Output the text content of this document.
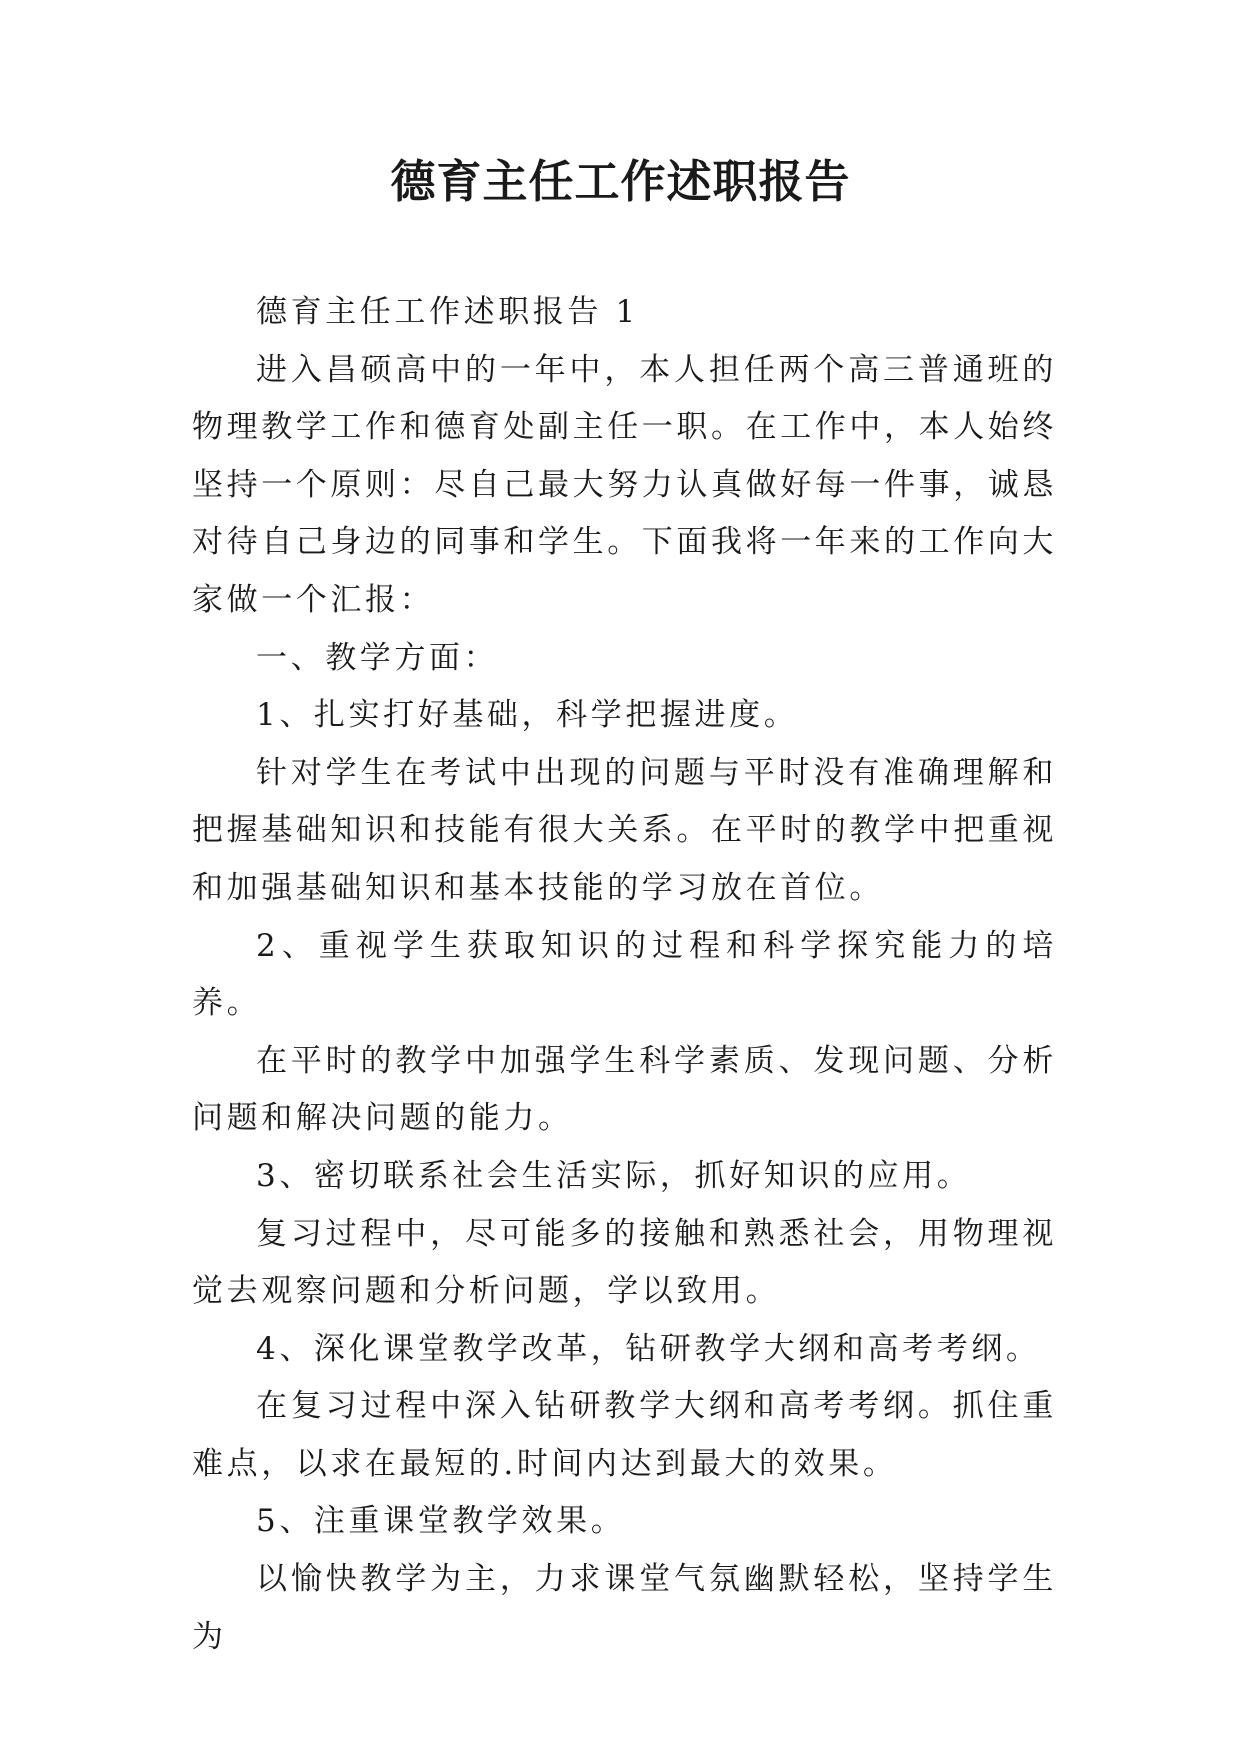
德育主任工作述职报告

德育主任工作述职报告 1

进入昌硕高中的一年中，本人担任两个高三普通班的物理教学工作和德育处副主任一职。在工作中，本人始终坚持一个原则：尽自己最大努力认真做好每一件事，诚恳对待自己身边的同事和学生。下面我将一年来的工作向大家做一个汇报：

一、教学方面：

1、扎实打好基础，科学把握进度。

针对学生在考试中出现的问题与平时没有准确理解和把握基础知识和技能有很大关系。在平时的教学中把重视和加强基础知识和基本技能的学习放在首位。

2、重视学生获取知识的过程和科学探究能力的培养。

在平时的教学中加强学生科学素质、发现问题、分析问题和解决问题的能力。

3、密切联系社会生活实际，抓好知识的应用。

复习过程中，尽可能多的接触和熟悉社会，用物理视觉去观察问题和分析问题，学以致用。

4、深化课堂教学改革，钻研教学大纲和高考考纲。

在复习过程中深入钻研教学大纲和高考考纲。抓住重难点，以求在最短的.时间内达到最大的效果。

5、注重课堂教学效果。

以愉快教学为主，力求课堂气氛幽默轻松，坚持学生为
